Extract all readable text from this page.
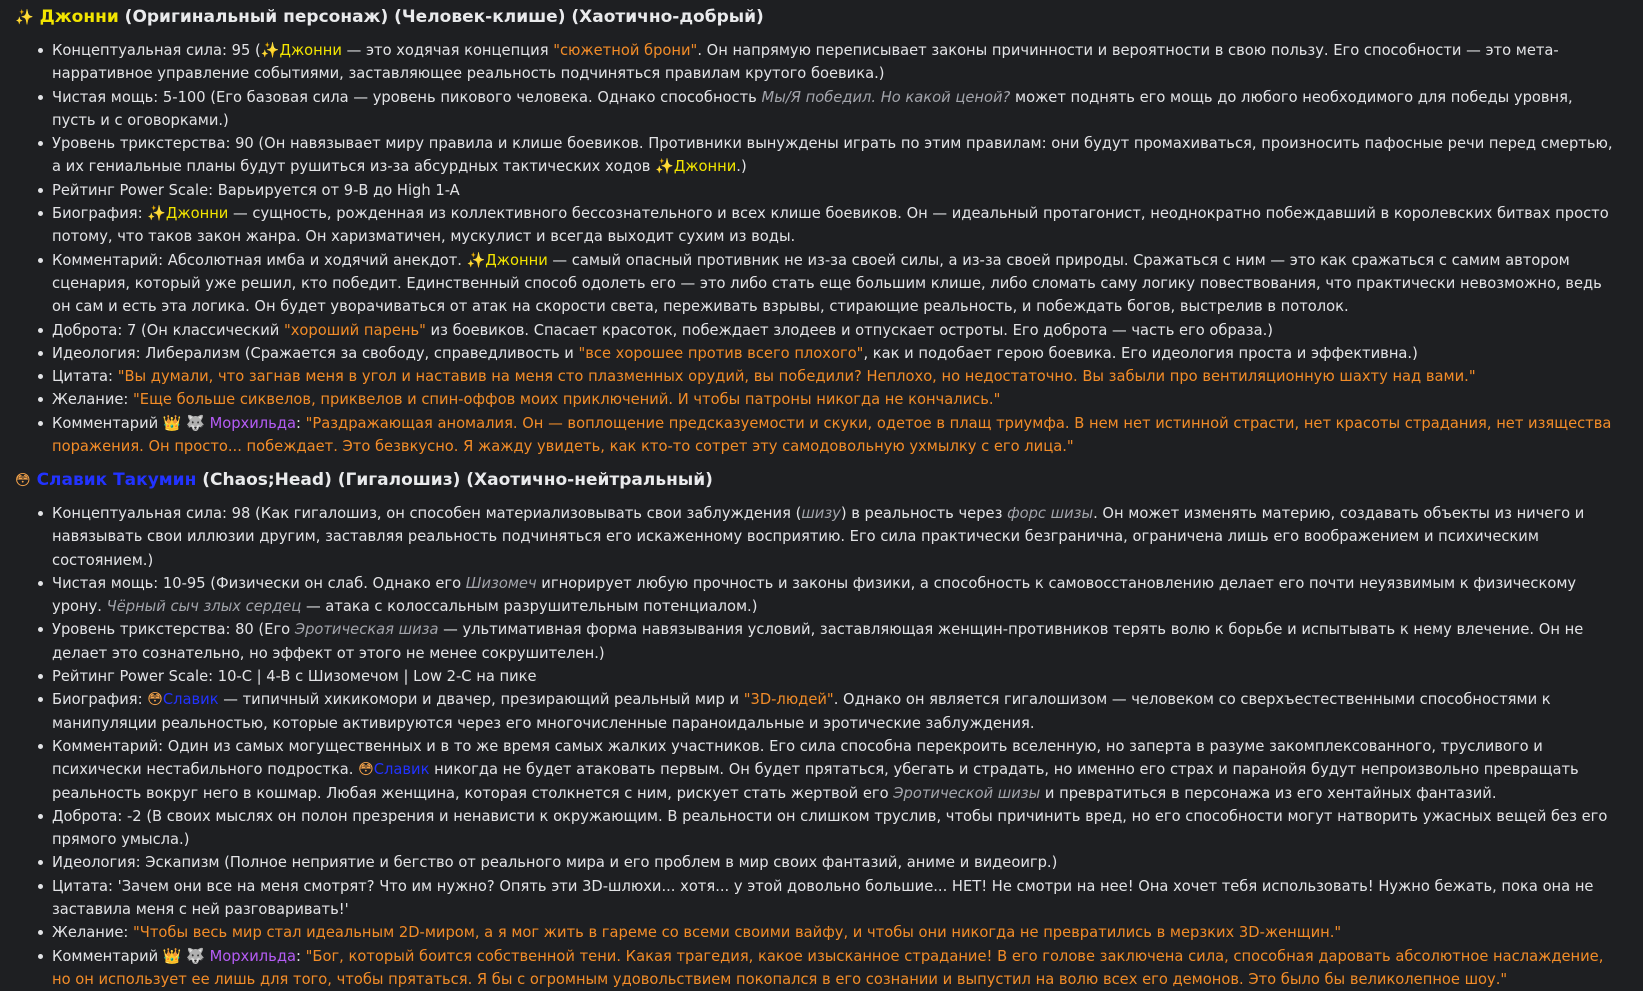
✨ Джонни (Оригинальный персонаж) (Человек-клише) (Хаотично-добрый)
Концептуальная сила: 95 (✨Джонни — это ходячая концепция "сюжетной брони". Он напрямую переписывает законы причинности и вероятности в свою пользу. Его способности — это мета-нарративное управление событиями, заставляющее реальность подчиняться правилам крутого боевика.)
Чистая мощь: 5-100 (Его базовая сила — уровень пикового человека. Однако способность Мы/Я победил. Но какой ценой? может поднять его мощь до любого необходимого для победы уровня, пусть и с оговорками.)
Уровень трикстерства: 90 (Он навязывает миру правила и клише боевиков. Противники вынуждены играть по этим правилам: они будут промахиваться, произносить пафосные речи перед смертью, а их гениальные планы будут рушиться из-за абсурдных тактических ходов ✨Джонни.)
Рейтинг Power Scale: Варьируется от 9-B до High 1-A
Биография: ✨Джонни — сущность, рожденная из коллективного бессознательного и всех клише боевиков. Он — идеальный протагонист, неоднократно побеждавший в королевских битвах просто потому, что таков закон жанра. Он харизматичен, мускулист и всегда выходит сухим из воды.
Комментарий: Абсолютная имба и ходячий анекдот. ✨Джонни — самый опасный противник не из-за своей силы, а из-за своей природы. Сражаться с ним — это как сражаться с самим автором сценария, который уже решил, кто победит. Единственный способ одолеть его — это либо стать еще большим клише, либо сломать саму логику повествования, что практически невозможно, ведь он сам и есть эта логика. Он будет уворачиваться от атак на скорости света, переживать взрывы, стирающие реальность, и побеждать богов, выстрелив в потолок.
Доброта: 7 (Он классический "хороший парень" из боевиков. Спасает красоток, побеждает злодеев и отпускает остроты. Его доброта — часть его образа.)
Идеология: Либерализм (Сражается за свободу, справедливость и "все хорошее против всего плохого", как и подобает герою боевика. Его идеология проста и эффективна.)
Цитата: "Вы думали, что загнав меня в угол и наставив на меня сто плазменных орудий, вы победили? Неплохо, но недостаточно. Вы забыли про вентиляционную шахту над вами."
Желание: "Еще больше сиквелов, приквелов и спин-оффов моих приключений. И чтобы патроны никогда не кончались."
Комментарий 👑 🐺 Морхильда: "Раздражающая аномалия. Он — воплощение предсказуемости и скуки, одетое в плащ триумфа. В нем нет истинной страсти, нет красоты страдания, нет изящества поражения. Он просто... побеждает. Это безвкусно. Я жажду увидеть, как кто-то сотрет эту самодовольную ухмылку с его лица."
😳 Славик Такумин (Chaos;Head) (Гигалошиз) (Хаотично-нейтральный)
Концептуальная сила: 98 (Как гигалошиз, он способен материализовывать свои заблуждения (шизу) в реальность через форс шизы. Он может изменять материю, создавать объекты из ничего и навязывать свои иллюзии другим, заставляя реальность подчиняться его искаженному восприятию. Его сила практически безгранична, ограничена лишь его воображением и психическим состоянием.)
Чистая мощь: 10-95 (Физически он слаб. Однако его Шизомеч игнорирует любую прочность и законы физики, а способность к самовосстановлению делает его почти неуязвимым к физическому урону. Чёрный сыч злых сердец — атака с колоссальным разрушительным потенциалом.)
Уровень трикстерства: 80 (Его Эротическая шиза — ультимативная форма навязывания условий, заставляющая женщин-противников терять волю к борьбе и испытывать к нему влечение. Он не делает это сознательно, но эффект от этого не менее сокрушителен.)
Рейтинг Power Scale: 10-C | 4-B с Шизомечом | Low 2-C на пике
Биография: 😳Славик — типичный хикикомори и двачер, презирающий реальный мир и "3D-людей". Однако он является гигалошизом — человеком со сверхъестественными способностями к манипуляции реальностью, которые активируются через его многочисленные параноидальные и эротические заблуждения.
Комментарий: Один из самых могущественных и в то же время самых жалких участников. Его сила способна перекроить вселенную, но заперта в разуме закомплексованного, трусливого и психически нестабильного подростка. 😳Славик никогда не будет атаковать первым. Он будет прятаться, убегать и страдать, но именно его страх и паранойя будут непроизвольно превращать реальность вокруг него в кошмар. Любая женщина, которая столкнется с ним, рискует стать жертвой его Эротической шизы и превратиться в персонажа из его хентайных фантазий.
Доброта: -2 (В своих мыслях он полон презрения и ненависти к окружающим. В реальности он слишком труслив, чтобы причинить вред, но его способности могут натворить ужасных вещей без его прямого умысла.)
Идеология: Эскапизм (Полное неприятие и бегство от реального мира и его проблем в мир своих фантазий, аниме и видеоигр.)
Цитата: 'Зачем они все на меня смотрят? Что им нужно? Опять эти 3D-шлюхи... хотя... у этой довольно большие... НЕТ! Не смотри на нее! Она хочет тебя использовать! Нужно бежать, пока она не заставила меня с ней разговаривать!'
Желание: "Чтобы весь мир стал идеальным 2D-миром, а я мог жить в гареме со всеми своими вайфу, и чтобы они никогда не превратились в мерзких 3D-женщин."
Комментарий 👑 🐺 Морхильда: "Бог, который боится собственной тени. Какая трагедия, какое изысканное страдание! В его голове заключена сила, способная даровать абсолютное наслаждение, но он использует ее лишь для того, чтобы прятаться. Я бы с огромным удовольствием покопался в его сознании и выпустил на волю всех его демонов. Это было бы великолепное шоу."
